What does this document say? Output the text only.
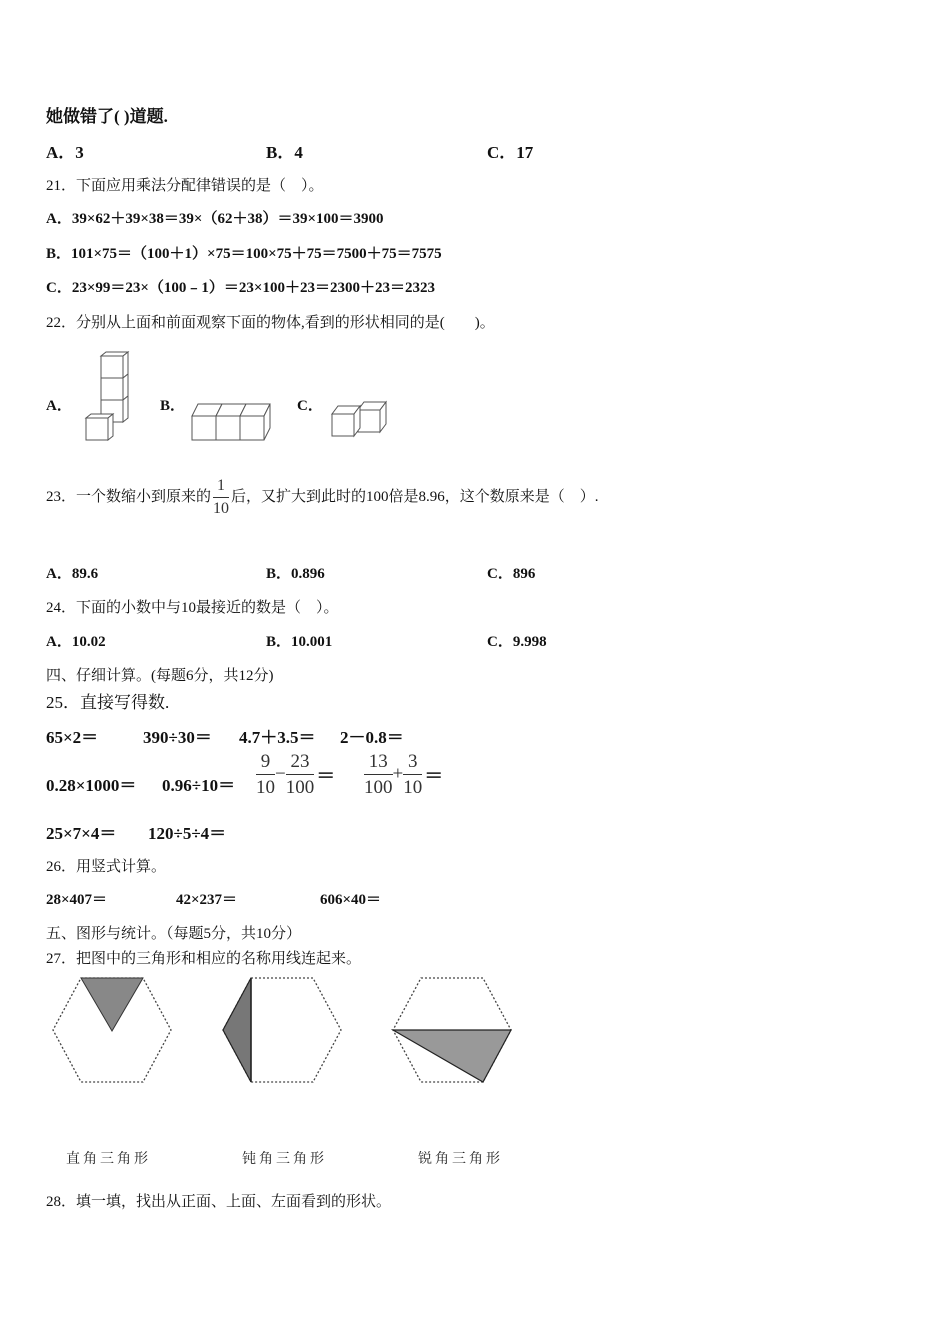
她做错了( )道题.
A．3	B．4	C．17
21．下面应用乘法分配律错误的是（　）。
A．39×62＋39×38＝39×（62＋38）＝39×100＝3900
B．101×75＝（100＋1）×75＝100×75＋75＝7500＋75＝7575
C．23×99＝23×（100﹣1）＝23×100＋23＝2300＋23＝2323
22．分别从上面和前面观察下面的物体,看到的形状相同的是(　　)。
A．	B．	C．
23．一个数缩小到原来的 $\frac{1}{10}$ 后，又扩大到此时的100倍是8.96，这个数原来是（　）.
A．89.6	B．0.896	C．896
24．下面的小数中与10最接近的数是（　）。
A．10.02	B．10.001	C．9.998
四、仔细计算。(每题6分，共12分)
25．直接写得数.
65×2＝	390÷30＝ 4.7＋3.5＝ 2－0.8＝
$0.28\times 1000= 0.96\div 10= \frac{9}{10} - \frac{23}{100} = \frac{13}{100} + \frac{3}{10}$ ＝
25×7×4＝ 120÷5÷4＝
26．用竖式计算。
28×407＝	42×237＝	606×40＝
五、图形与统计。（每题5分，共10分）
27．把图中的三角形和相应的名称用线连起来。
直角三角形	钝角三角形	锐角三角形
28．填一填，找出从正面、上面、左面看到的形状。
